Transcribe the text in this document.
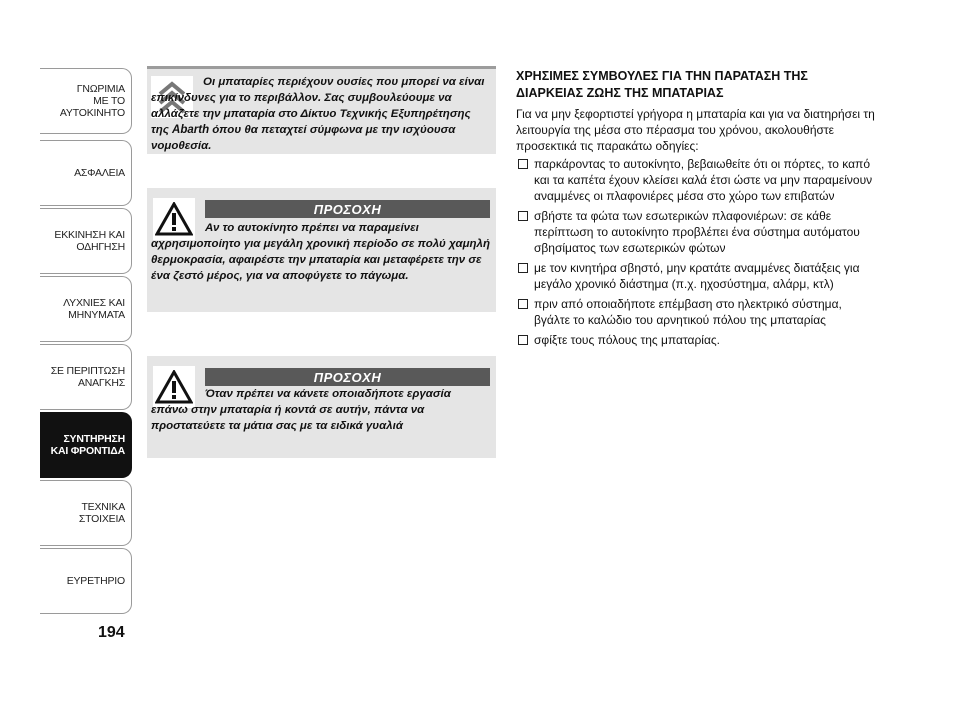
ΓΝΩΡΙΜΙΑ
ΜΕ ΤΟ
ΑΥΤΟΚΙΝΗΤΟ
ΑΣΦΑΛΕΙΑ
ΕΚΚΙΝΗΣΗ ΚΑΙ
ΟΔΗΓΗΣΗ
ΛΥΧΝΙΕΣ ΚΑΙ
ΜΗΝΥΜΑΤΑ
ΣΕ ΠΕΡΙΠΤΩΣΗ
ΑΝΑΓΚΗΣ
ΣΥΝΤΗΡΗΣΗ
ΚΑΙ ΦΡΟΝΤΙΔΑ
ΤΕΧΝΙΚΑ
ΣΤΟΙΧΕΙΑ
ΕΥΡΕΤΗΡΙΟ
194
Οι μπαταρίες περιέχουν ουσίες που μπορεί να είναι επικίνδυνες για το περιβάλλον. Σας συμβουλεύουμε να αλλάζετε την μπαταρία στο Δίκτυο Τεχνικής Εξυπηρέτησης της Abarth όπου θα πεταχτεί σύμφωνα με την ισχύουσα νομοθεσία.
ΠΡΟΣΟΧΗ
Αν το αυτοκίνητο πρέπει να παραμείνει αχρησιμοποίητο για μεγάλη χρονική περίοδο σε πολύ χαμηλή θερμοκρασία, αφαιρέστε την μπαταρία και μεταφέρετε την σε ένα ζεστό μέρος, για να αποφύγετε το πάγωμα.
ΠΡΟΣΟΧΗ
Όταν πρέπει να κάνετε οποιαδήποτε εργασία επάνω στην μπαταρία ή κοντά σε αυτήν, πάντα να προστατεύετε τα μάτια σας με τα ειδικά γυαλιά
ΧΡΗΣΙΜΕΣ ΣΥΜΒΟΥΛΕΣ ΓΙΑ ΤΗΝ ΠΑΡΑΤΑΣΗ ΤΗΣ ΔΙΑΡΚΕΙΑΣ ΖΩΗΣ ΤΗΣ ΜΠΑΤΑΡΙΑΣ

Για να μην ξεφορτιστεί γρήγορα η μπαταρία και για να διατηρήσει τη λειτουργία της μέσα στο πέρασμα του χρόνου, ακολουθήστε προσεκτικά τις παρακάτω οδηγίες:

παρκάροντας το αυτοκίνητο, βεβαιωθείτε ότι οι πόρτες, το καπό και τα καπέτα έχουν κλείσει καλά έτσι ώστε να μην παραμείνουν αναμμένες οι πλαφονιέρες μέσα στο χώρο των επιβατών
σβήστε τα φώτα των εσωτερικών πλαφονιέρων: σε κάθε περίπτωση το αυτοκίνητο προβλέπει ένα σύστημα αυτόματου σβησίματος των εσωτερικών φώτων
με τον κινητήρα σβηστό, μην κρατάτε αναμμένες διατάξεις για μεγάλο χρονικό διάστημα (π.χ. ηχοσύστημα, αλάρμ, κτλ)
πριν από οποιαδήποτε επέμβαση στο ηλεκτρικό σύστημα, βγάλτε το καλώδιο του αρνητικού πόλου της μπαταρίας
σφίξτε τους πόλους της μπαταρίας.
